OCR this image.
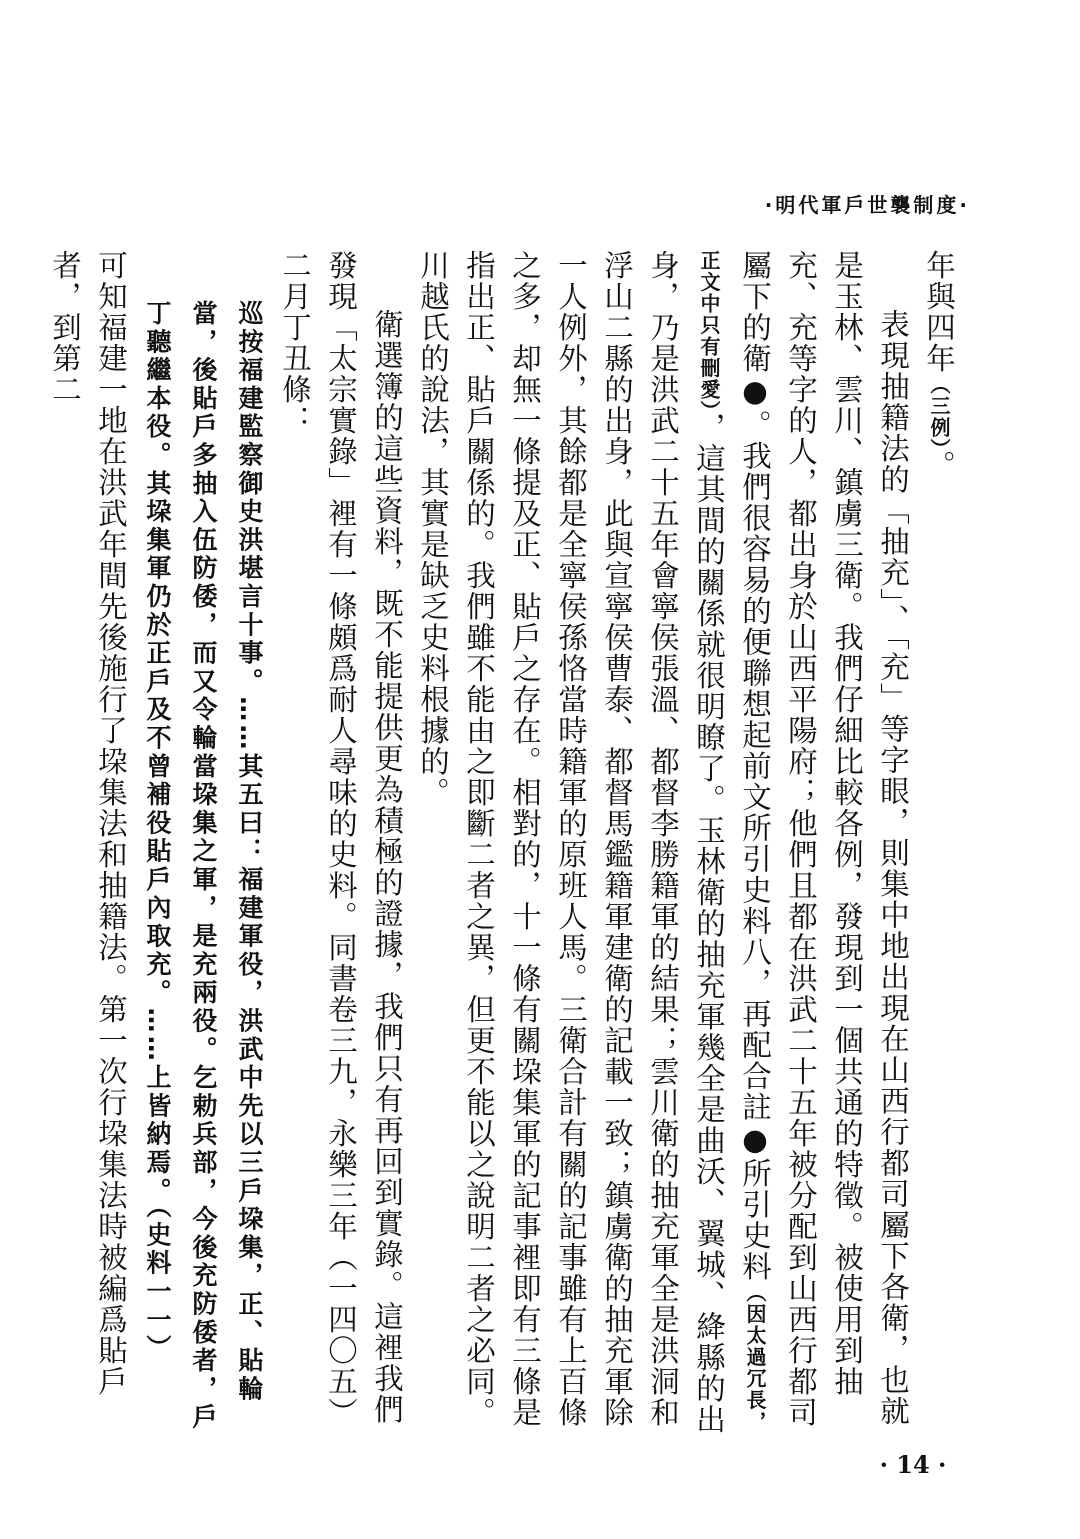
·明代軍戶世襲制度·

年與四年（三例）。

表現抽籍法的「抽充」、「充」等字眼，則集中地出現在山西行都司屬下各衛，也就是玉林、雲川、鎮虜三衛。我們仔細比較各例，發現到一個共通的特徵。被使用到抽充、充等字的人，都出身於山西平陽府；他們且都在洪武二十五年被分配到山西行都司屬下的衛●。我們很容易的便聯想起前文所引史料八，再配合註●所引史料（因太過冗長，正文中只有刪愛），這其間的關係就很明瞭了。玉林衛的抽充軍幾全是曲沃、翼城、絳縣的出身，乃是洪武二十五年會寧侯張溫、都督李勝籍軍的結果；雲川衛的抽充軍全是洪洞和浮山二縣的出身，此與宣寧侯曹泰、都督馬鑑籍軍建衛的記載一致；鎮虜衛的抽充軍除一人例外，其餘都是全寧侯孫恪當時籍軍的原班人馬。三衛合計有關的記事雖有上百條之多，却無一條提及正、貼戶之存在。相對的，十一條有關垜集軍的記事裡即有三條是指出正、貼戶關係的。我們雖不能由之即斷二者之異，但更不能以之說明二者之必同。川越氏的說法，其實是缺乏史料根據的。

衛選簿的這些資料，既不能提供更為積極的證據，我們只有再回到實錄。這裡我們發現「太宗實錄」裡有一條頗爲耐人尋味的史料。同書卷三九，永樂三年（一四〇五）二月丁丑條：

巡按福建監察御史洪堪言十事。……其五曰：福建軍役，洪武中先以三戶垜集，正、貼輪當，後貼戶多抽入伍防倭，而又令輪當垜集之軍，是充兩役。乞勅兵部，今後充防倭者，戶丁聽繼本役。其垜集軍仍於正戶及不曾補役貼戶內取充。……上皆納焉。（史料一一）

可知福建一地在洪武年間先後施行了垜集法和抽籍法。第一次行垜集法時被編爲貼戶者，到第二

· 14 ·
